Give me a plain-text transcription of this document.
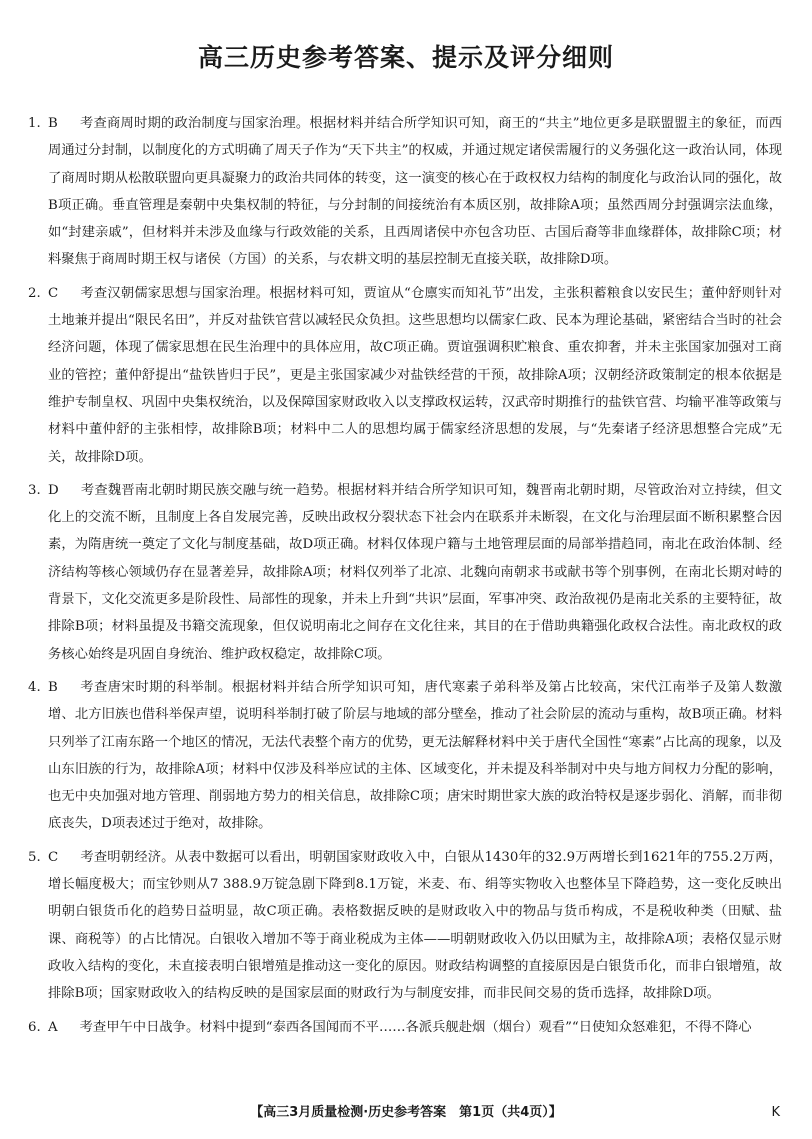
高三历史参考答案、提示及评分细则
1. B 考查商周时期的政治制度与国家治理。根据材料并结合所学知识可知，商王的“共主”地位更多是联盟盟主的象征，而西周通过分封制，以制度化的方式明确了周天子作为“天下共主”的权威，并通过规定诸侯需履行的义务强化这一政治认同，体现了商周时期从松散联盟向更具凝聚力的政治共同体的转变，这一演变的核心在于政权权力结构的制度化与政治认同的强化，故B项正确。垂直管理是秦朝中央集权制的特征，与分封制的间接统治有本质区别，故排除A项；虽然西周分封强调宗法血缘，如“封建亲戚”，但材料并未涉及血缘与行政效能的关系，且西周诸侯中亦包含功臣、古国后裔等非血缘群体，故排除C项；材料聚焦于商周时期王权与诸侯（方国）的关系，与农耕文明的基层控制无直接关联，故排除D项。
2. C 考查汉朝儒家思想与国家治理。根据材料可知，贾谊从“仓廪实而知礼节”出发，主张积蓄粮食以安民生；董仲舒则针对土地兼并提出“限民名田”，并反对盐铁官营以减轻民众负担。这些思想均以儒家仁政、民本为理论基础，紧密结合当时的社会经济问题，体现了儒家思想在民生治理中的具体应用，故C项正确。贾谊强调积贮粮食、重农抑奢，并未主张国家加强对工商业的管控；董仲舒提出“盐铁皆归于民”，更是主张国家减少对盐铁经营的干预，故排除A项；汉朝经济政策制定的根本依据是维护专制皇权、巩固中央集权统治，以及保障国家财政收入以支撑政权运转，汉武帝时期推行的盐铁官营、均输平准等政策与材料中董仲舒的主张相悖，故排除B项；材料中二人的思想均属于儒家经济思想的发展，与“先秦诸子经济思想整合完成”无关，故排除D项。
3. D 考查魏晋南北朝时期民族交融与统一趋势。根据材料并结合所学知识可知，魏晋南北朝时期，尽管政治对立持续，但文化上的交流不断，且制度上各自发展完善，反映出政权分裂状态下社会内在联系并未断裂，在文化与治理层面不断积累整合因素，为隋唐统一奠定了文化与制度基础，故D项正确。材料仅体现户籍与土地管理层面的局部举措趋同，南北在政治体制、经济结构等核心领域仍存在显著差异，故排除A项；材料仅列举了北凉、北魏向南朝求书或献书等个别事例，在南北长期对峙的背景下，文化交流更多是阶段性、局部性的现象，并未上升到“共识”层面，军事冲突、政治敌视仍是南北关系的主要特征，故排除B项；材料虽提及书籍交流现象，但仅说明南北之间存在文化往来，其目的在于借助典籍强化政权合法性。南北政权的政务核心始终是巩固自身统治、维护政权稳定，故排除C项。
4. B 考查唐宋时期的科举制。根据材料并结合所学知识可知，唐代寒素子弟科举及第占比较高，宋代江南举子及第人数激增、北方旧族也借科举保声望，说明科举制打破了阶层与地域的部分壁垒，推动了社会阶层的流动与重构，故B项正确。材料只列举了江南东路一个地区的情况，无法代表整个南方的优势，更无法解释材料中关于唐代全国性“寒素”占比高的现象，以及山东旧族的行为，故排除A项；材料中仅涉及科举应试的主体、区域变化，并未提及科举制对中央与地方间权力分配的影响，也无中央加强对地方管理、削弱地方势力的相关信息，故排除C项；唐宋时期世家大族的政治特权是逐步弱化、消解，而非彻底丧失，D项表述过于绝对，故排除。
5. C 考查明朝经济。从表中数据可以看出，明朝国家财政收入中，白银从1430年的32.9万两增长到1621年的755.2万两，增长幅度极大；而宝钞则从7 388.9万锭急剧下降到8.1万锭，米麦、布、绢等实物收入也整体呈下降趋势，这一变化反映出明朝白银货币化的趋势日益明显，故C项正确。表格数据反映的是财政收入中的物品与货币构成，不是税收种类（田赋、盐课、商税等）的占比情况。白银收入增加不等于商业税成为主体——明朝财政收入仍以田赋为主，故排除A项；表格仅显示财政收入结构的变化，未直接表明白银增殖是推动这一变化的原因。财政结构调整的直接原因是白银货币化，而非白银增殖，故排除B项；国家财政收入的结构反映的是国家层面的财政行为与制度安排，而非民间交易的货币选择，故排除D项。
6. A 考查甲午中日战争。材料中提到“泰西各国闻而不平……各派兵舰赴烟（烟台）观看”“日使知众怒难犯，不得不降心
【高三3月质量检测·历史参考答案　第1页（共4页）】	K
